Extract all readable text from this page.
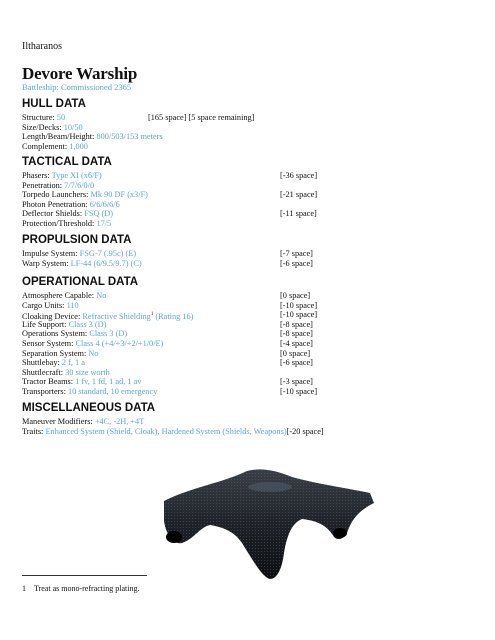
Iltharanos
Devore Warship
Battleship: Commissioned 2365
HULL DATA
Structure: 50	[165 space] [5 space remaining]
Size/Decks: 10/50
Length/Beam/Height: 800/503/153 meters
Complement: 1,000
TACTICAL DATA
Phasers: Type XI (x6/F)	[-36 space]
Penetration: 7/7/6/0/0
Torpedo Launchers: Mk 90 DF (x3/F)	[-21 space]
Photon Penetration: 6/6/6/6/6
Deflector Shields: FSQ (D)	[-11 space]
Protection/Threshold: 17/5
PROPULSION DATA
Impulse System: FSG-7 (.95c) (E)	[-7 space]
Warp System: LF-44 (6/9.5/9.7) (C)	[-6 space]
OPERATIONAL DATA
Atmosphere Capable: No	[0 space]
Cargo Units: 110	[-10 space]
Cloaking Device: Refractive Shielding$^1$ (Rating 16)	[-10 space]
Life Support: Class 3 (D)	[-8 space]
Operations System: Class 3 (D)	[-8 space]
Sensor System: Class 4 (+4/+3/+2/+1/0/E)	[-4 space]
Separation System: No	[0 space]
Shuttlebay: 2 f, 1 a	[-6 space]
Shuttlecraft: 30 size worth
Tractor Beams: 1 fv, 1 fd, 1 ad, 1 av	[-3 space]
Transporters: 10 standard, 10 emergency	[-10 space]
MISCELLANEOUS DATA
Maneuver Modifiers: +4C, -2H, +4T
Traits: Enhanced System (Shield, Cloak), Hardened System (Shields, Weapons)[-20 space]
1 Treat as mono-refracting plating.
